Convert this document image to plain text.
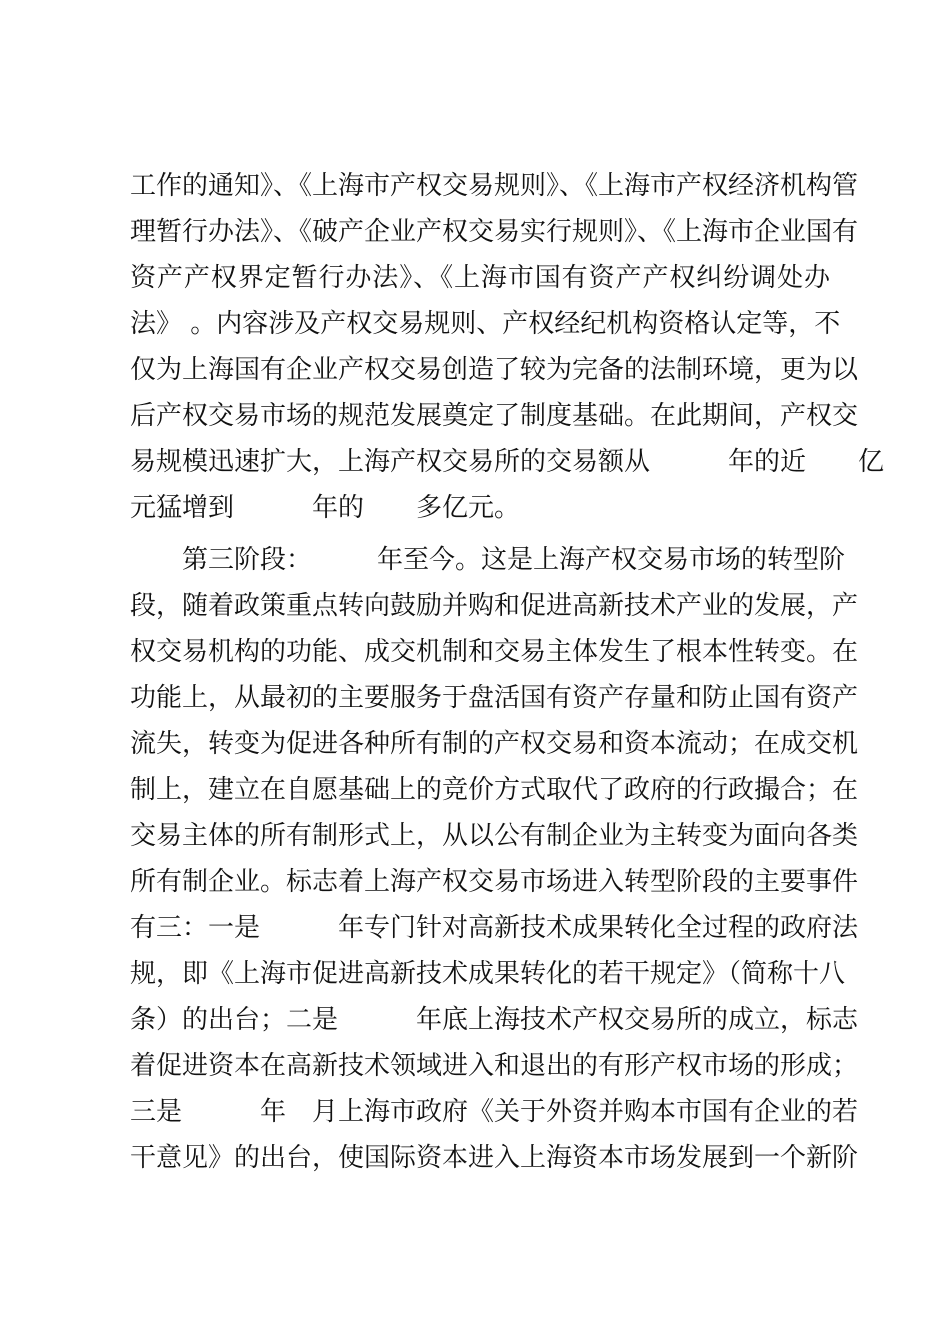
工作的通知》、《上海市产权交易规则》、《上海市产权经济机构管
理暂行办法》、《破产企业产权交易实行规则》、《上海市企业国有
资产产权界定暂行办法》、《上海市国有资产产权纠纷调处办
法》 。内容涉及产权交易规则、产权经纪机构资格认定等，不
仅为上海国有企业产权交易创造了较为完备的法制环境，更为以
后产权交易市场的规范发展奠定了制度基础。在此期间，产权交
易规模迅速扩大，上海产权交易所的交易额从　　　年的近　　亿
元猛增到　　　年的　　多亿元。
第三阶段：　　　年至今。这是上海产权交易市场的转型阶
段，随着政策重点转向鼓励并购和促进高新技术产业的发展，产
权交易机构的功能、成交机制和交易主体发生了根本性转变。在
功能上，从最初的主要服务于盘活国有资产存量和防止国有资产
流失，转变为促进各种所有制的产权交易和资本流动；在成交机
制上，建立在自愿基础上的竞价方式取代了政府的行政撮合；在
交易主体的所有制形式上，从以公有制企业为主转变为面向各类
所有制企业。标志着上海产权交易市场进入转型阶段的主要事件
有三：一是　　　年专门针对高新技术成果转化全过程的政府法
规，即《上海市促进高新技术成果转化的若干规定》（简称十八
条）的出台；二是　　　年底上海技术产权交易所的成立，标志
着促进资本在高新技术领域进入和退出的有形产权市场的形成；
三是　　　年　月上海市政府《关于外资并购本市国有企业的若
干意见》的出台，使国际资本进入上海资本市场发展到一个新阶
